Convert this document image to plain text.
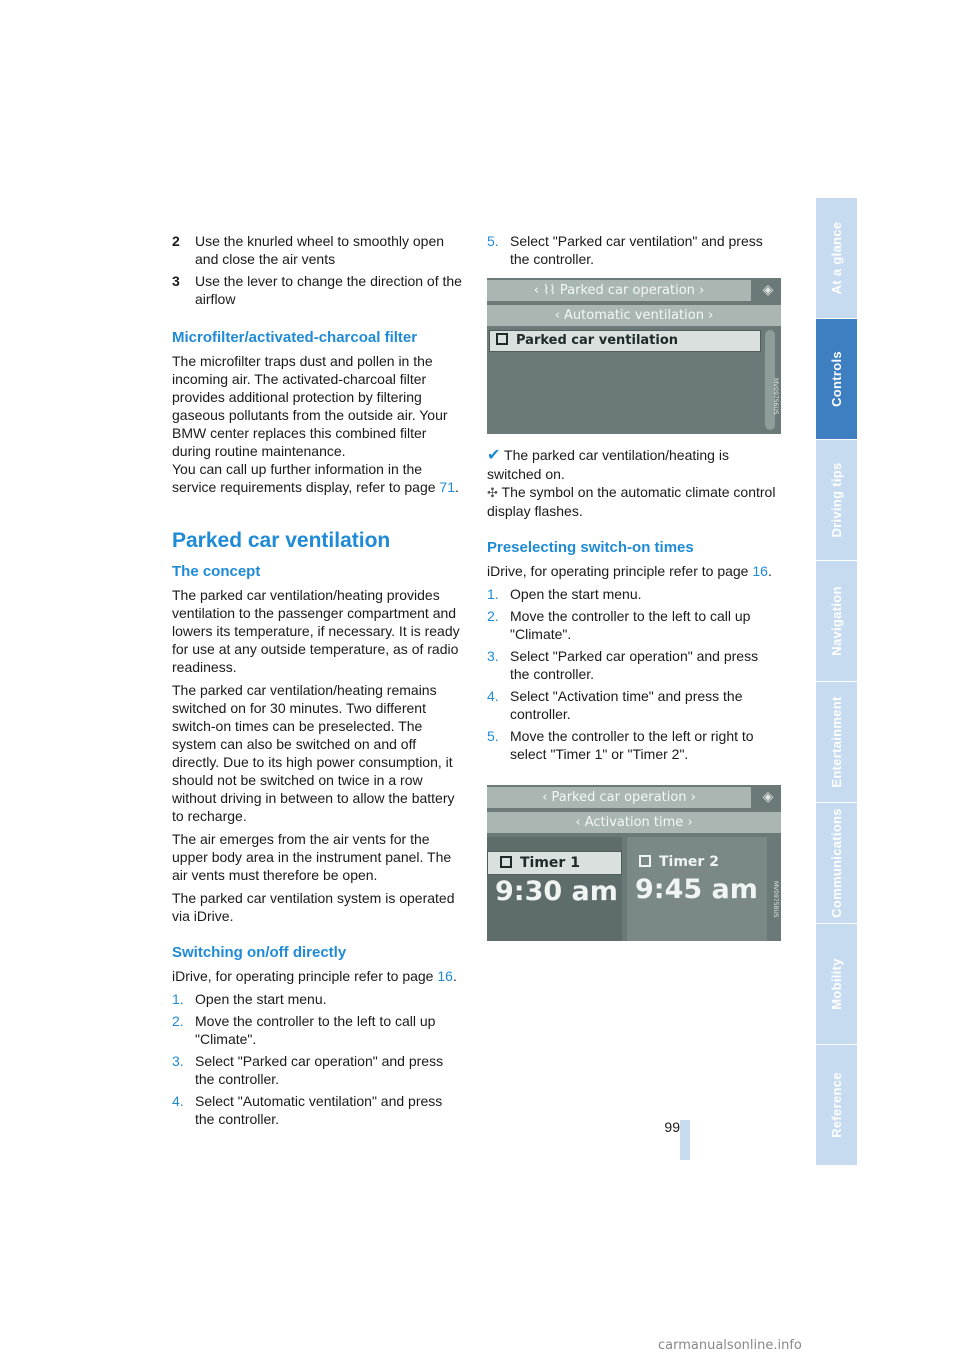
2	Use the knurled wheel to smoothly open and close the air vents
3	Use the lever to change the direction of the airflow
Microfilter/activated-charcoal filter

The microfilter traps dust and pollen in the incoming air. The activated-charcoal filter provides additional protection by filtering gaseous pollutants from the outside air. Your BMW center replaces this combined filter during routine maintenance.

You can call up further information in the service requirements display, refer to page 71.

Parked car ventilation
The concept

The parked car ventilation/heating provides ventilation to the passenger compartment and lowers its temperature, if necessary. It is ready for use at any outside temperature, as of radio readiness.

The parked car ventilation/heating remains switched on for 30 minutes. Two different switch-on times can be preselected. The system can also be switched on and off directly. Due to its high power consumption, it should not be switched on twice in a row without driving in between to allow the battery to recharge.

The air emerges from the air vents for the upper body area in the instrument panel. The air vents must therefore be open.

The parked car ventilation system is operated via iDrive.

Switching on/off directly

iDrive, for operating principle refer to page 16.

1. Open the start menu.
2. Move the controller to the left to call up "Climate".
3. Select "Parked car operation" and press the controller.
4. Select "Automatic ventilation" and press the controller.
5. Select "Parked car ventilation" and press the controller.
‹ ⌇⌇ Parked car operation ›	◈
‹ Automatic ventilation ›
Parked car ventilation
MV09756US

✔ The parked car ventilation/heating is switched on.

✣ The symbol on the automatic climate control display flashes.

Preselecting switch-on times

iDrive, for operating principle refer to page 16.

1. Open the start menu.
2. Move the controller to the left to call up "Climate".
3. Select "Parked car operation" and press the controller.
4. Select "Activation time" and press the controller.
5. Move the controller to the left or right to select "Timer 1" or "Timer 2".
‹ Parked car operation ›	◈
‹ Activation time ›
Timer 1
9:30 am
Timer 2
9:45 am	MV09758US
At a glance
Controls
Driving tips
Navigation
Entertainment
Communications
Mobility
Reference
99
carmanualsonline.info
